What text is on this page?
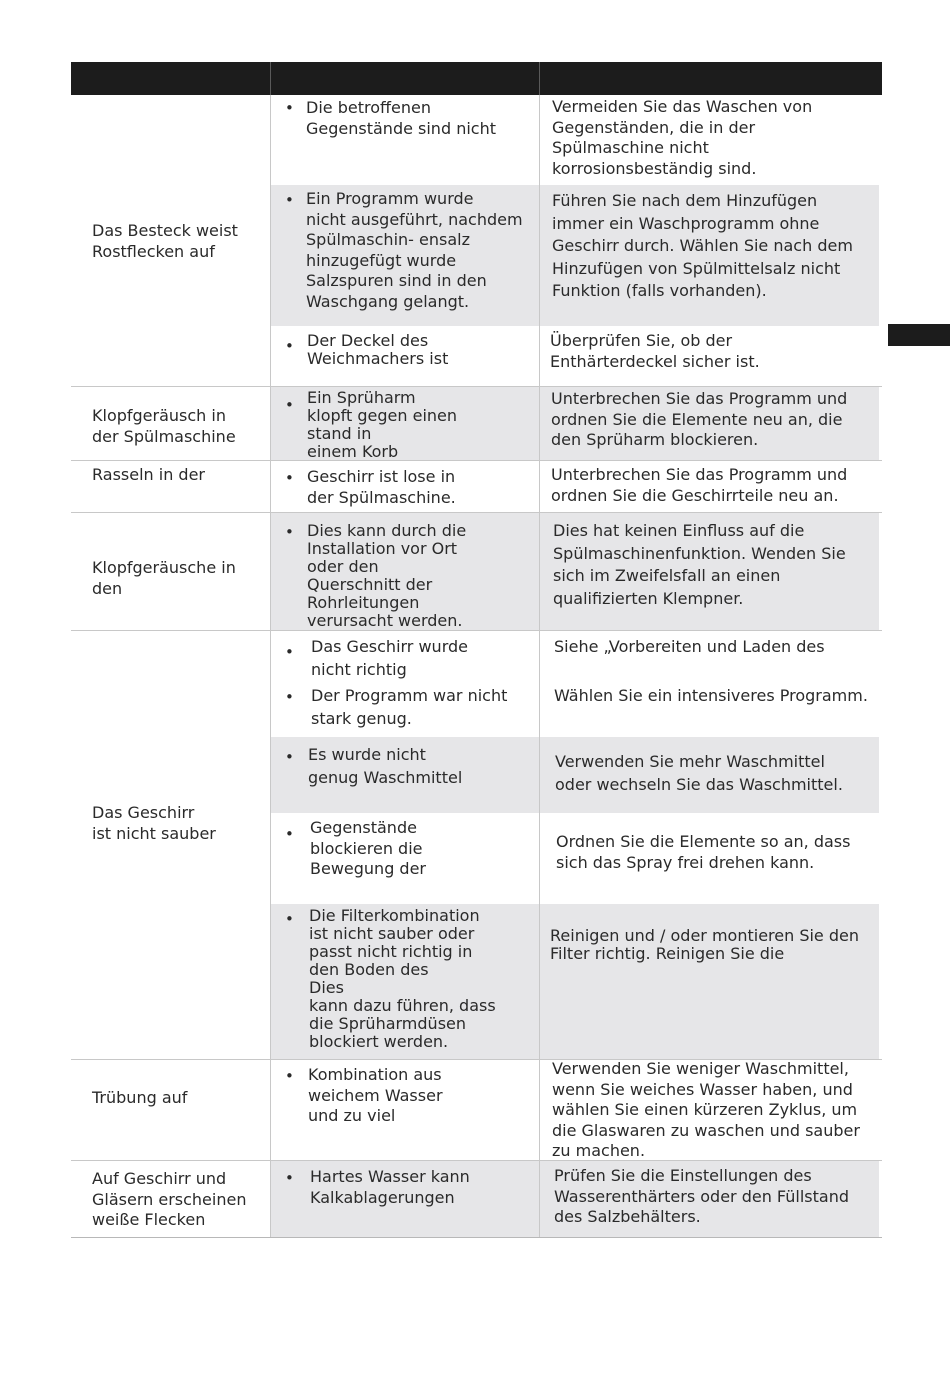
Das Besteck weist
Rostflecken auf
Klopfgeräusch in
der Spülmaschine
Rasseln in der
Klopfgeräusche in
den
Das Geschirr
ist nicht sauber
Trübung auf
Auf Geschirr und
Gläsern erscheinen
weiße Flecken
• Die betroffenen
Gegenstände sind nicht
• Ein Programm wurde
nicht ausgeführt, nachdem
Spülmaschin- ensalz
hinzugefügt wurde
Salzspuren sind in den
Waschgang gelangt.
• Der Deckel des
Weichmachers ist
• Ein Sprüharm
klopft gegen einen
stand in
einem Korb
• Geschirr ist lose in
der Spülmaschine.
• Dies kann durch die
Installation vor Ort
oder den
Querschnitt der
Rohrleitungen
verursacht werden.
• Das Geschirr wurde
nicht richtig
• Der Programm war nicht
stark genug.
• Es wurde nicht
genug Waschmittel
• Gegenstände
blockieren die
Bewegung der
• Die Filterkombination
ist nicht sauber oder
passt nicht richtig in
den Boden des
Dies
kann dazu führen, dass
die Sprüharmdüsen
blockiert werden.
• Kombination aus
weichem Wasser
und zu viel
• Hartes Wasser kann
Kalkablagerungen
Vermeiden Sie das Waschen von
Gegenständen, die in der
Spülmaschine nicht
korrosionsbeständig sind.
Führen Sie nach dem Hinzufügen
immer ein Waschprogramm ohne
Geschirr durch. Wählen Sie nach dem
Hinzufügen von Spülmittelsalz nicht
Funktion (falls vorhanden).
Überprüfen Sie, ob der
Enthärterdeckel sicher ist.
Unterbrechen Sie das Programm und
ordnen Sie die Elemente neu an, die
den Sprüharm blockieren.
Unterbrechen Sie das Programm und
ordnen Sie die Geschirrteile neu an.
Dies hat keinen Einfluss auf die
Spülmaschinenfunktion. Wenden Sie
sich im Zweifelsfall an einen
qualifizierten Klempner.
Siehe „Vorbereiten und Laden des
Wählen Sie ein intensiveres Programm.
Verwenden Sie mehr Waschmittel
oder wechseln Sie das Waschmittel.
Ordnen Sie die Elemente so an, dass
sich das Spray frei drehen kann.
Reinigen und / oder montieren Sie den
Filter richtig. Reinigen Sie die
Verwenden Sie weniger Waschmittel,
wenn Sie weiches Wasser haben, und
wählen Sie einen kürzeren Zyklus, um
die Glaswaren zu waschen und sauber
zu machen.
Prüfen Sie die Einstellungen des
Wasserenthärters oder den Füllstand
des Salzbehälters.
